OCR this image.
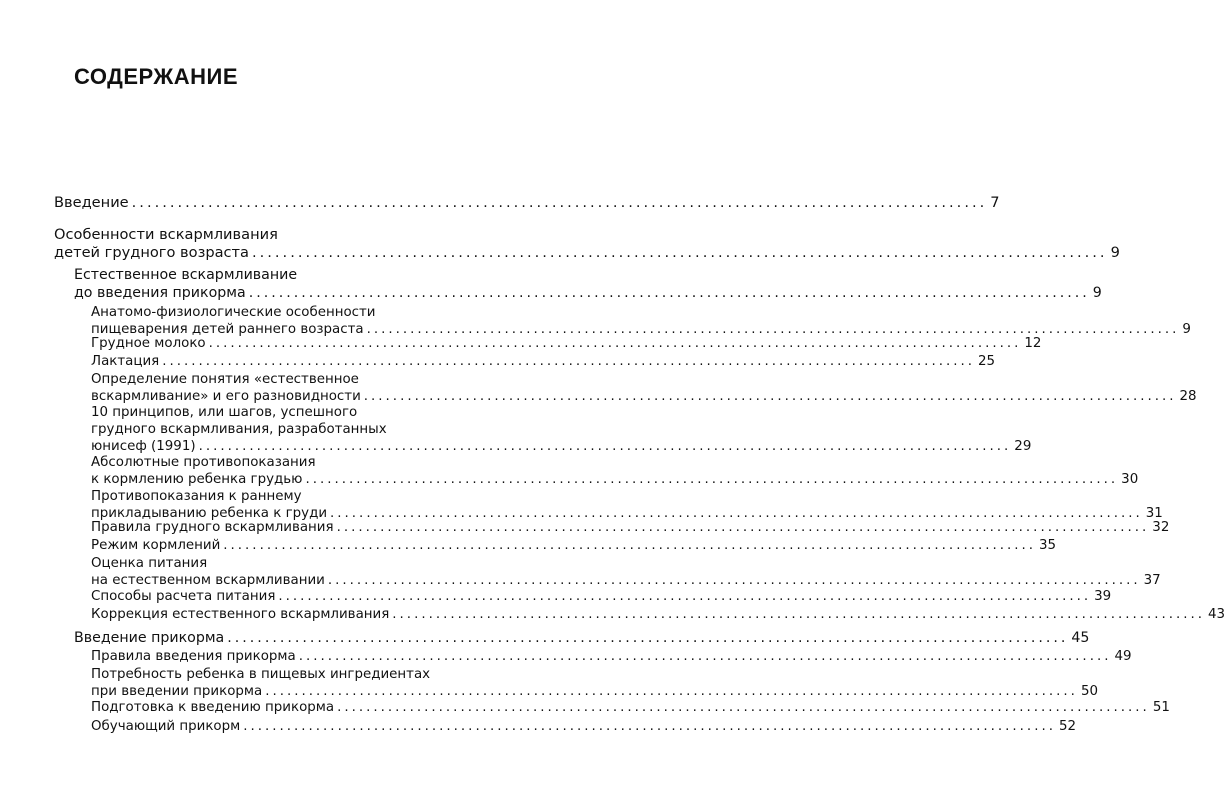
СОДЕРЖАНИЕ
Введение ................................................................................................................ 7
Особенности вскармливания
детей грудного возраста ................................................................................................................ 9
Естественное вскармливание
до введения прикорма ................................................................................................................ 9
Анатомо-физиологические особенности
пищеварения детей раннего возраста ................................................................................................................ 9
Грудное молоко ................................................................................................................ 12
Лактация ................................................................................................................ 25
Определение понятия «естественное
вскармливание» и его разновидности ................................................................................................................ 28
10 принципов, или шагов, успешного
грудного вскармливания, разработанных
юнисеф (1991) ................................................................................................................ 29
Абсолютные противопоказания
к кормлению ребенка грудью ................................................................................................................ 30
Противопоказания к раннему
прикладыванию ребенка к груди ................................................................................................................ 31
Правила грудного вскармливания ................................................................................................................ 32
Режим кормлений ................................................................................................................ 35
Оценка питания
на естественном вскармливании ................................................................................................................ 37
Способы расчета питания ................................................................................................................ 39
Коррекция естественного вскармливания ................................................................................................................ 43
Введение прикорма ................................................................................................................ 45
Правила введения прикорма ................................................................................................................ 49
Потребность ребенка в пищевых ингредиентах
при введении прикорма ................................................................................................................ 50
Подготовка к введению прикорма ................................................................................................................ 51
Обучающий прикорм ................................................................................................................ 52
